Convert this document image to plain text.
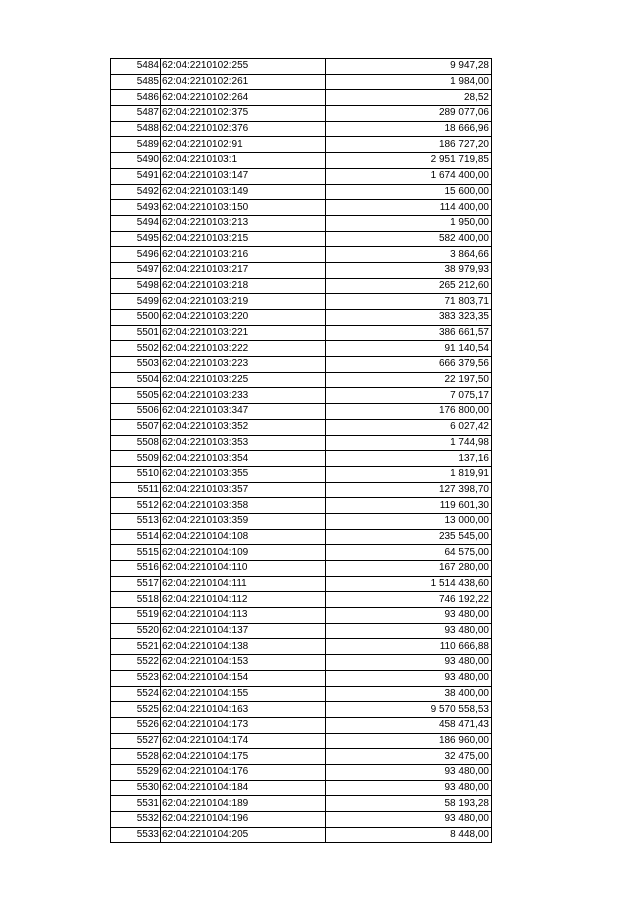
5484	62:04:2210102:255	9 947,28
5485	62:04:2210102:261	1 984,00
5486	62:04:2210102:264	28,52
5487	62:04:2210102:375	289 077,06
5488	62:04:2210102:376	18 666,96
5489	62:04:2210102:91	186 727,20
5490	62:04:2210103:1	2 951 719,85
5491	62:04:2210103:147	1 674 400,00
5492	62:04:2210103:149	15 600,00
5493	62:04:2210103:150	114 400,00
5494	62:04:2210103:213	1 950,00
5495	62:04:2210103:215	582 400,00
5496	62:04:2210103:216	3 864,66
5497	62:04:2210103:217	38 979,93
5498	62:04:2210103:218	265 212,60
5499	62:04:2210103:219	71 803,71
5500	62:04:2210103:220	383 323,35
5501	62:04:2210103:221	386 661,57
5502	62:04:2210103:222	91 140,54
5503	62:04:2210103:223	666 379,56
5504	62:04:2210103:225	22 197,50
5505	62:04:2210103:233	7 075,17
5506	62:04:2210103:347	176 800,00
5507	62:04:2210103:352	6 027,42
5508	62:04:2210103:353	1 744,98
5509	62:04:2210103:354	137,16
5510	62:04:2210103:355	1 819,91
5511	62:04:2210103:357	127 398,70
5512	62:04:2210103:358	119 601,30
5513	62:04:2210103:359	13 000,00
5514	62:04:2210104:108	235 545,00
5515	62:04:2210104:109	64 575,00
5516	62:04:2210104:110	167 280,00
5517	62:04:2210104:111	1 514 438,60
5518	62:04:2210104:112	746 192,22
5519	62:04:2210104:113	93 480,00
5520	62:04:2210104:137	93 480,00
5521	62:04:2210104:138	110 666,88
5522	62:04:2210104:153	93 480,00
5523	62:04:2210104:154	93 480,00
5524	62:04:2210104:155	38 400,00
5525	62:04:2210104:163	9 570 558,53
5526	62:04:2210104:173	458 471,43
5527	62:04:2210104:174	186 960,00
5528	62:04:2210104:175	32 475,00
5529	62:04:2210104:176	93 480,00
5530	62:04:2210104:184	93 480,00
5531	62:04:2210104:189	58 193,28
5532	62:04:2210104:196	93 480,00
5533	62:04:2210104:205	8 448,00
